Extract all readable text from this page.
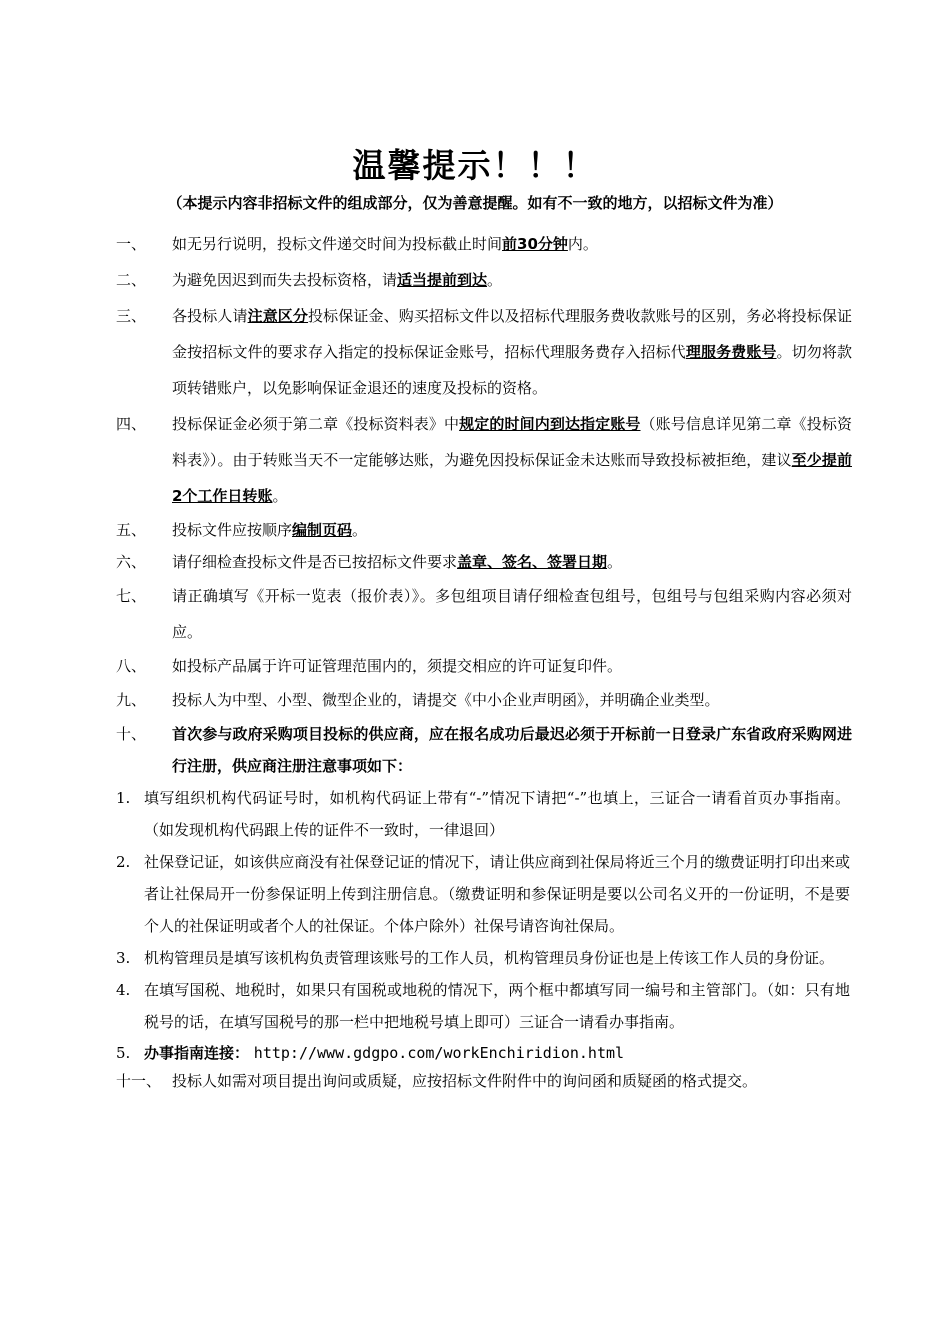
温馨提示！！！
（本提示内容非招标文件的组成部分，仅为善意提醒。如有不一致的地方，以招标文件为准）
一、 如无另行说明，投标文件递交时间为投标截止时间前30分钟内。
二、 为避免因迟到而失去投标资格，请适当提前到达。
三、 各投标人请注意区分投标保证金、购买招标文件以及招标代理服务费收款账号的区别，务必将投标保证金按招标文件的要求存入指定的投标保证金账号，招标代理服务费存入招标代理服务费账号。切勿将款项转错账户，以免影响保证金退还的速度及投标的资格。
四、 投标保证金必须于第二章《投标资料表》中规定的时间内到达指定账号（账号信息详见第二章《投标资料表》）。由于转账当天不一定能够达账，为避免因投标保证金未达账而导致投标被拒绝，建议至少提前2个工作日转账。
五、 投标文件应按顺序编制页码。
六、 请仔细检查投标文件是否已按招标文件要求盖章、签名、签署日期。
七、 请正确填写《开标一览表（报价表）》。多包组项目请仔细检查包组号，包组号与包组采购内容必须对应。
八、 如投标产品属于许可证管理范围内的，须提交相应的许可证复印件。
九、 投标人为中型、小型、微型企业的，请提交《中小企业声明函》，并明确企业类型。
十、 首次参与政府采购项目投标的供应商，应在报名成功后最迟必须于开标前一日登录广东省政府采购网进行注册，供应商注册注意事项如下：
1. 填写组织机构代码证号时，如机构代码证上带有“-”情况下请把“-”也填上，三证合一请看首页办事指南。（如发现机构代码跟上传的证件不一致时，一律退回）
2. 社保登记证，如该供应商没有社保登记证的情况下，请让供应商到社保局将近三个月的缴费证明打印出来或者让社保局开一份参保证明上传到注册信息。（缴费证明和参保证明是要以公司名义开的一份证明，不是要个人的社保证明或者个人的社保证。个体户除外）社保号请咨询社保局。
3. 机构管理员是填写该机构负责管理该账号的工作人员，机构管理员身份证也是上传该工作人员的身份证。
4. 在填写国税、地税时，如果只有国税或地税的情况下，两个框中都填写同一编号和主管部门。（如：只有地税号的话，在填写国税号的那一栏中把地税号填上即可）三证合一请看办事指南。
5. 办事指南连接： http://www.gdgpo.com/workEnchiridion.html
十一、 投标人如需对项目提出询问或质疑，应按招标文件附件中的询问函和质疑函的格式提交。
